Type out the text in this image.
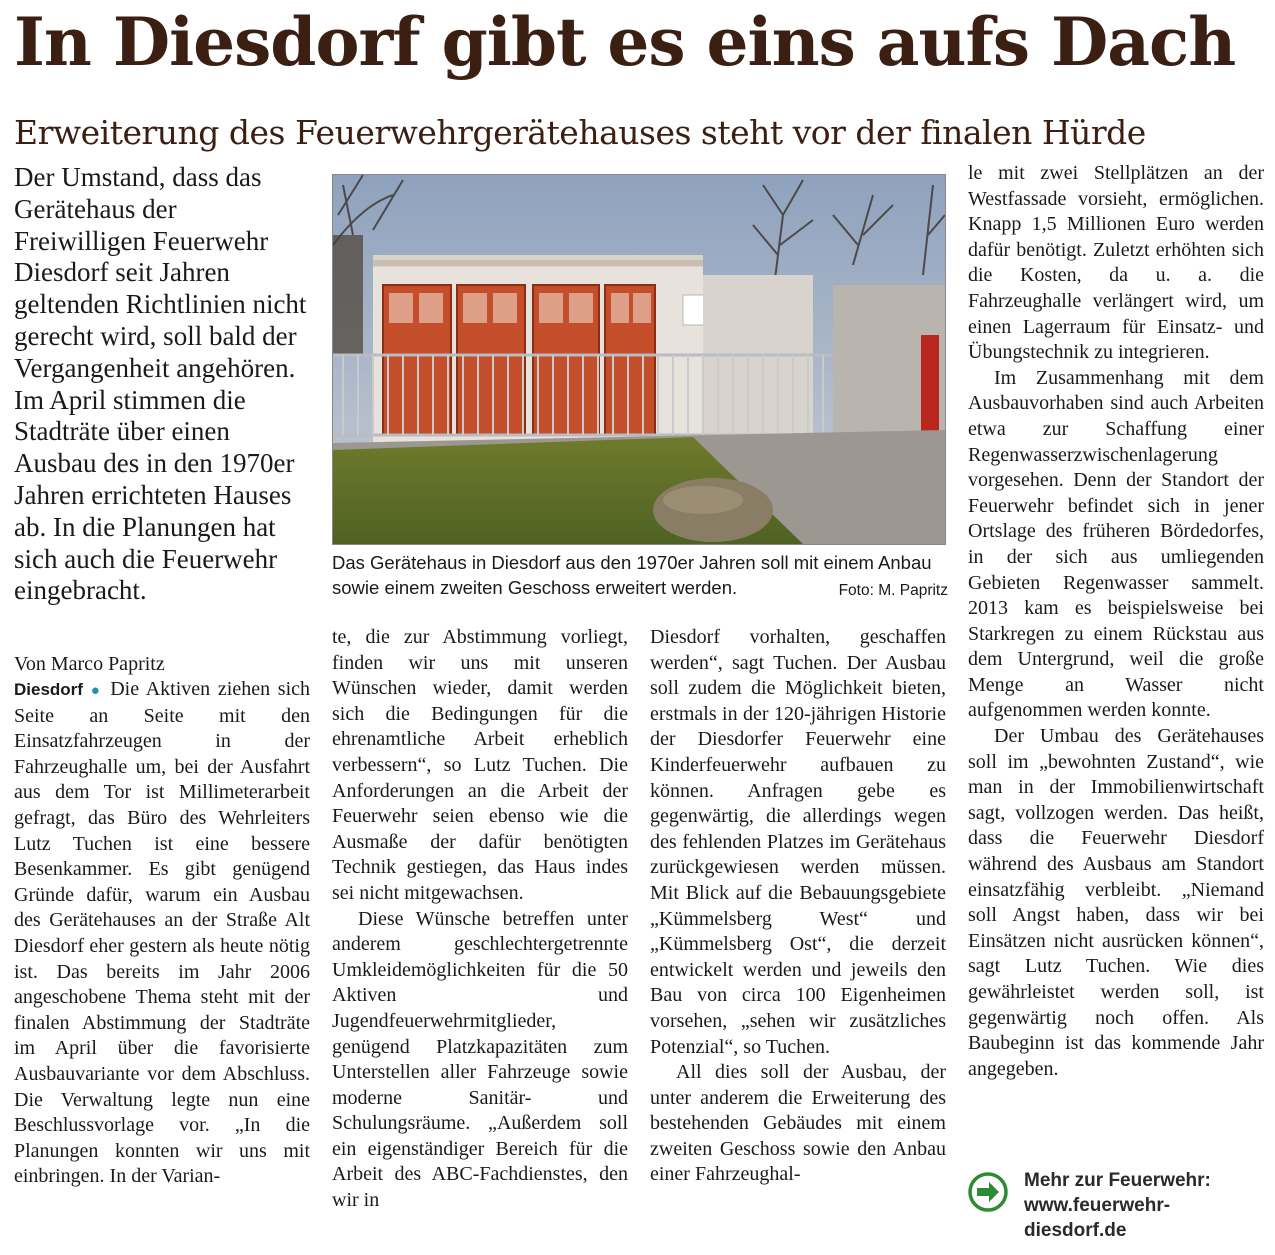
In Diesdorf gibt es eins aufs Dach
Erweiterung des Feuerwehrgerätehauses steht vor der finalen Hürde

Der Umstand, dass das Gerätehaus der Freiwilligen Feuerwehr Diesdorf seit Jahren geltenden Richtlinien nicht gerecht wird, soll bald der Vergangenheit angehören. Im April stimmen die Stadträte über einen Ausbau des in den 1970er Jahren errichteten Hauses ab. In die Planungen hat sich auch die Feuerwehr eingebracht.

Das Gerätehaus in Diesdorf aus den 1970er Jahren soll mit einem Anbau sowie einem zweiten Geschoss erweitert werden.	Foto: M. Papritz
Von Marco Papritz

Diesdorf ● Die Aktiven ziehen sich Seite an Seite mit den Einsatzfahrzeugen in der Fahrzeughalle um, bei der Ausfahrt aus dem Tor ist Millimeterarbeit gefragt, das Büro des Wehrleiters Lutz Tuchen ist eine bessere Besenkammer. Es gibt genügend Gründe dafür, warum ein Ausbau des Gerätehauses an der Straße Alt Diesdorf eher gestern als heute nötig ist. Das bereits im Jahr 2006 angeschobene Thema steht mit der finalen Abstimmung der Stadträte im April über die favorisierte Ausbauvariante vor dem Abschluss. Die Verwaltung legte nun eine Beschlussvorlage vor. „In die Planungen konnten wir uns mit einbringen. In der Varian-

te, die zur Abstimmung vorliegt, finden wir uns mit unseren Wünschen wieder, damit werden sich die Bedingungen für die ehrenamtliche Arbeit erheblich verbessern“, so Lutz Tuchen. Die Anforderungen an die Arbeit der Feuerwehr seien ebenso wie die Ausmaße der dafür benötigten Technik gestiegen, das Haus indes sei nicht mitgewachsen.

Diese Wünsche betreffen unter anderem geschlechtergetrennte Umkleidemöglichkeiten für die 50 Aktiven und Jugendfeuerwehrmitglieder, genügend Platzkapazitäten zum Unterstellen aller Fahrzeuge sowie moderne Sanitär- und Schulungsräume. „Außerdem soll ein eigenständiger Bereich für die Arbeit des ABC-Fachdienstes, den wir in

Diesdorf vorhalten, geschaffen werden“, sagt Tuchen. Der Ausbau soll zudem die Möglichkeit bieten, erstmals in der 120-jährigen Historie der Diesdorfer Feuerwehr eine Kinderfeuerwehr aufbauen zu können. Anfragen gebe es gegenwärtig, die allerdings wegen des fehlenden Platzes im Gerätehaus zurückgewiesen werden müssen. Mit Blick auf die Bebauungsgebiete „Kümmelsberg West“ und „Kümmelsberg Ost“, die derzeit entwickelt werden und jeweils den Bau von circa 100 Eigenheimen vorsehen, „sehen wir zusätzliches Potenzial“, so Tuchen.

All dies soll der Ausbau, der unter anderem die Erweiterung des bestehenden Gebäudes mit einem zweiten Geschoss sowie den Anbau einer Fahrzeughal-

le mit zwei Stellplätzen an der Westfassade vorsieht, ermöglichen. Knapp 1,5 Millionen Euro werden dafür benötigt. Zuletzt erhöhten sich die Kosten, da u. a. die Fahrzeughalle verlängert wird, um einen Lagerraum für Einsatz- und Übungstechnik zu integrieren.

Im Zusammenhang mit dem Ausbauvorhaben sind auch Arbeiten etwa zur Schaffung einer Regenwasserzwischenlagerung vorgesehen. Denn der Standort der Feuerwehr befindet sich in jener Ortslage des früheren Bördedorfes, in der sich aus umliegenden Gebieten Regenwasser sammelt. 2013 kam es beispielsweise bei Starkregen zu einem Rückstau aus dem Untergrund, weil die große Menge an Wasser nicht aufgenommen werden konnte.

Der Umbau des Gerätehauses soll im „bewohnten Zustand“, wie man in der Immobilienwirtschaft sagt, vollzogen werden. Das heißt, dass die Feuerwehr Diesdorf während des Ausbaus am Standort einsatzfähig verbleibt. „Niemand soll Angst haben, dass wir bei Einsätzen nicht ausrücken können“, sagt Lutz Tuchen. Wie dies gewährleistet werden soll, ist gegenwärtig noch offen. Als Baubeginn ist das kommende Jahr angegeben.

Mehr zur Feuerwehr:
www.feuerwehr-
diesdorf.de
